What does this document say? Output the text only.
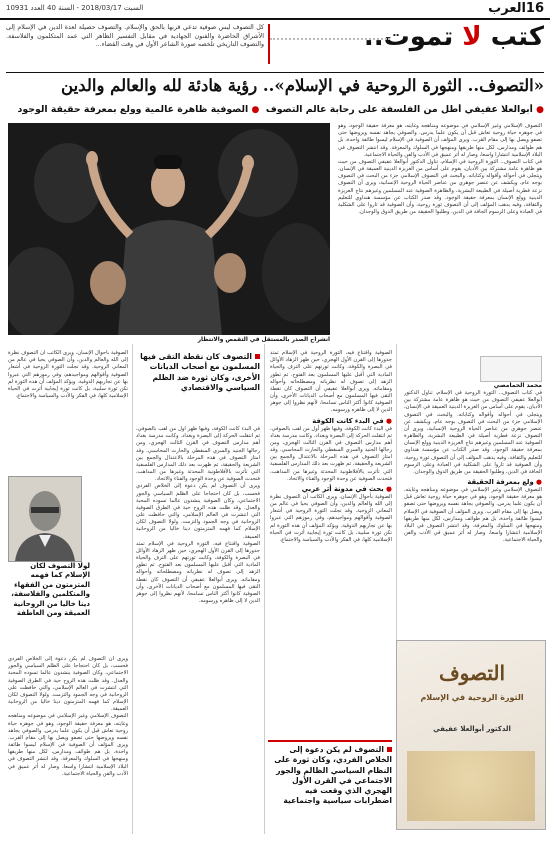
16
العرب
السبت 2018/03/17 - السنة 40 العدد 10931
كتب لا تموت..
كل التصوف ليس صوفية تدعي قربها بالحق والإسلام. والتصوف حصيلة لعدة الدين في الإسلام إلى الأشراق الحاضرة والفنون الجهادية في مقابل التفسير الظاهر التي عمد المتكلمون والفلاسفة. والتصوف التاريخي تلخصه صورة الشاعر الأول في وقت القضاء...
«التصوف.. الثورة الروحية في الإسلام».. رؤية هادئة لله والعالم والدين
● أبوالعلا عفيفي أطل من الفلسفة على رحابة عالم التصوف  ● الصوفية ظاهرة عالمية وولع بمعرفة حقيقة الوجود

التصوف الإسلامي وغير الإسلامي في موضوعه ومناهجه وغايته، هو معرفة حقيقة الوجود، وهو في جوهره حياة روحية تعاش قبل أن يكون علما يدرس. والصوفي يجاهد نفسه ويروضها حتى تصفو ويصل بها إلى مقام القرب. ويرى المؤلف أن الصوفية في الإسلام ليسوا طائفة واحدة، بل هم طوائف ومدارس، لكل منها طريقها ومنهجها في السلوك والمعرفة. وقد انتشر التصوف في البلاد الإسلامية انتشارا واسعا، وصار له أثر عميق في الأدب والفن والحياة الاجتماعية.

في كتاب التصوف.. الثورة الروحية في الإسلام، تناول الدكتور أبوالعلا عفيفي التصوف من حيث هو ظاهرة عامة مشتركة بين الأديان، يقوم على أساس من الغريزة الدينية العميقة في الإنسان، ويتجلى في أحواله وأقواله وكتاباته. والبحث في التصوف الإسلامي جزء من البحث في التصوف بوجه عام، ويكشف عن عنصر جوهري من عناصر الحياة الروحية الإنسانية، ويرى أن التصوف نزعة فطرية أصيلة في الطبيعة البشرية، والظاهرة الصوفية عند المسلمين وغيرهم نتاج الغريزة الدينية وولع الإنسان بمعرفة حقيقة الوجود. وقد صدر الكتاب عن مؤسسة هنداوي للتعليم والثقافة، وفيه يذهب المؤلف إلى أن التصوف ثورة روحية، وأن الصوفية قد ثاروا على الشكلية في العبادة وعلى الرسوم الجافة في الدين، وطلبوا الحقيقة من طريق الذوق والوجدان.

انشراح الصدر بالمستقل في التقمص والانتظار
محمد الحمامصي

في كتاب التصوف.. الثورة الروحية في الإسلام، تناول الدكتور أبوالعلا عفيفي التصوف من حيث هو ظاهرة عامة مشتركة بين الأديان، يقوم على أساس من الغريزة الدينية العميقة في الإنسان، ويتجلى في أحواله وأقواله وكتاباته. والبحث في التصوف الإسلامي جزء من البحث في التصوف بوجه عام، ويكشف عن عنصر جوهري من عناصر الحياة الروحية الإنسانية، ويرى أن التصوف نزعة فطرية أصيلة في الطبيعة البشرية، والظاهرة الصوفية عند المسلمين وغيرهم نتاج الغريزة الدينية وولع الإنسان بمعرفة حقيقة الوجود. وقد صدر الكتاب عن مؤسسة هنداوي للتعليم والثقافة، وفيه يذهب المؤلف إلى أن التصوف ثورة روحية، وأن الصوفية قد ثاروا على الشكلية في العبادة وعلى الرسوم الجافة في الدين، وطلبوا الحقيقة من طريق الذوق والوجدان.

● ولع بمعرفة الحقيقة

التصوف الإسلامي وغير الإسلامي في موضوعه ومناهجه وغايته، هو معرفة حقيقة الوجود، وهو في جوهره حياة روحية تعاش قبل أن يكون علما يدرس. والصوفي يجاهد نفسه ويروضها حتى تصفو ويصل بها إلى مقام القرب. ويرى المؤلف أن الصوفية في الإسلام ليسوا طائفة واحدة، بل هم طوائف ومدارس، لكل منها طريقها ومنهجها في السلوك والمعرفة. وقد انتشر التصوف في البلاد الإسلامية انتشارا واسعا، وصار له أثر عميق في الأدب والفن والحياة الاجتماعية.

الصوفية واقتناع فيه، الثورة الروحية في الإسلام تمتد جذورها إلى القرن الأول الهجري، حين ظهر الزهاد الأوائل في البصرة والكوفة، وكانت ثورتهم على الترف والحياة المادية التي أقبل عليها المسلمون بعد الفتوح. ثم تطور الزهد إلى تصوف له نظرياته ومصطلحاته وأحواله ومقاماته. ويرى أبوالعلا عفيفي أن التصوف كان نقطة التقى فيها المسلمون مع أصحاب الديانات الأخرى، وأن الصوفية كانوا أكثر الناس تسامحا، لأنهم نظروا إلى جوهر الدين لا إلى ظاهره ورسومه.

● في البدء كانت الكوفة

في البدء كانت الكوفة، وفيها ظهر أول من لقب بالصوفي، ثم انتقلت الحركة إلى البصرة وبغداد. وكانت مدرسة بغداد أهم مدارس التصوف في القرن الثالث الهجري، ومن رجالها الجنيد والسري السقطي والحارث المحاسبي. وقد امتاز التصوف في هذه المرحلة بالاعتدال والجمع بين الشريعة والحقيقة، ثم ظهرت بعد ذلك المدارس الفلسفية التي تأثرت بالأفلاطونية المحدثة وغيرها من المذاهب، فتحدث الصوفية عن وحدة الوجود والفناء والاتحاد.

● بحث في مدونة أثر عربي

الصوفية بأحوال الإنسان، ويرى الكاتب أن التصوف نظرة إلى الله والعالم والدين، وأن الصوفي يحيا في عالم من المعاني الروحية. وقد تجلت الثورة الروحية في أشعار الصوفية وأقوالهم ومواجيدهم، وفي رموزهم التي عبروا بها عن تجاربهم الذوقية. ويؤكد المؤلف أن هذه الثورة لم تكن ثورة سلبية، بل كانت ثورة إيجابية أثرت في الحياة الإسلامية كلها، في الفكر والأدب والسياسة والاجتماع.

التصوف لم يكن دعوة إلى الخلاص الفردي، وكان ثورة على النظام السياسي الظالم والجور الاجتماعي في القرن الأول الهجري الذي وقعت فيه اضطرابات سياسية واجتماعية
التصوف كان نقطة التقى فيها المسلمون مع أصحاب الديانات الأخرى، وكان ثورة ضد الظلم السياسي والاقتصادي

في البدء كانت الكوفة، وفيها ظهر أول من لقب بالصوفي، ثم انتقلت الحركة إلى البصرة وبغداد. وكانت مدرسة بغداد أهم مدارس التصوف في القرن الثالث الهجري، ومن رجالها الجنيد والسري السقطي والحارث المحاسبي. وقد امتاز التصوف في هذه المرحلة بالاعتدال والجمع بين الشريعة والحقيقة، ثم ظهرت بعد ذلك المدارس الفلسفية التي تأثرت بالأفلاطونية المحدثة وغيرها من المذاهب، فتحدث الصوفية عن وحدة الوجود والفناء والاتحاد.

ويرى أن التصوف لم يكن دعوة إلى الخلاص الفردي فحسب، بل كان احتجاجا على الظلم السياسي والجور الاجتماعي، وكان الصوفية ينشدون عالما تسوده المحبة والعدل. وقد ظلت هذه الروح حية في الطرق الصوفية التي انتشرت في العالم الإسلامي، والتي حافظت على الروحانية في وجه الجمود والتزمت. ولولا التصوف لكان الإسلام كما فهمه المتزمتون دينا خاليا من الروحانية العميقة.

الصوفية واقتناع فيه، الثورة الروحية في الإسلام تمتد جذورها إلى القرن الأول الهجري، حين ظهر الزهاد الأوائل في البصرة والكوفة، وكانت ثورتهم على الترف والحياة المادية التي أقبل عليها المسلمون بعد الفتوح. ثم تطور الزهد إلى تصوف له نظرياته ومصطلحاته وأحواله ومقاماته. ويرى أبوالعلا عفيفي أن التصوف كان نقطة التقى فيها المسلمون مع أصحاب الديانات الأخرى، وأن الصوفية كانوا أكثر الناس تسامحا، لأنهم نظروا إلى جوهر الدين لا إلى ظاهره ورسومه.

الصوفية بأحوال الإنسان، ويرى الكاتب أن التصوف نظرة إلى الله والعالم والدين، وأن الصوفي يحيا في عالم من المعاني الروحية. وقد تجلت الثورة الروحية في أشعار الصوفية وأقوالهم ومواجيدهم، وفي رموزهم التي عبروا بها عن تجاربهم الذوقية. ويؤكد المؤلف أن هذه الثورة لم تكن ثورة سلبية، بل كانت ثورة إيجابية أثرت في الحياة الإسلامية كلها، في الفكر والأدب والسياسة والاجتماع.

لولا التصوف لكان الإسلام كما فهمه المتزمتون من الفقهاء والمتكلمين والفلاسفة، دينا خاليا من الروحانية العميقة ومن العاطفة

ويرى أن التصوف لم يكن دعوة إلى الخلاص الفردي فحسب، بل كان احتجاجا على الظلم السياسي والجور الاجتماعي، وكان الصوفية ينشدون عالما تسوده المحبة والعدل. وقد ظلت هذه الروح حية في الطرق الصوفية التي انتشرت في العالم الإسلامي، والتي حافظت على الروحانية في وجه الجمود والتزمت. ولولا التصوف لكان الإسلام كما فهمه المتزمتون دينا خاليا من الروحانية العميقة.

التصوف الإسلامي وغير الإسلامي في موضوعه ومناهجه وغايته، هو معرفة حقيقة الوجود، وهو في جوهره حياة روحية تعاش قبل أن يكون علما يدرس. والصوفي يجاهد نفسه ويروضها حتى تصفو ويصل بها إلى مقام القرب. ويرى المؤلف أن الصوفية في الإسلام ليسوا طائفة واحدة، بل هم طوائف ومدارس، لكل منها طريقها ومنهجها في السلوك والمعرفة. وقد انتشر التصوف في البلاد الإسلامية انتشارا واسعا، وصار له أثر عميق في الأدب والفن والحياة الاجتماعية.

التصوف
الثورة الروحية في الإسلام
الدكتور أبوالعلا عفيفي
